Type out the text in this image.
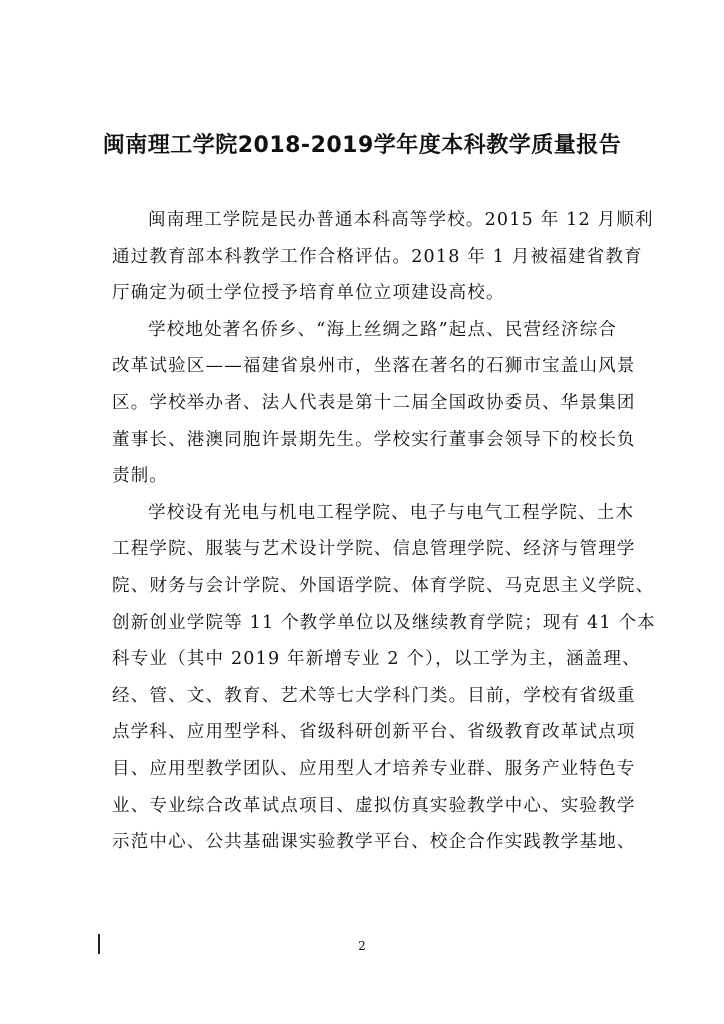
闽南理工学院2018-2019学年度本科教学质量报告

闽南理工学院是民办普通本科高等学校。2015 年 12 月顺利
通过教育部本科教学工作合格评估。2018 年 1 月被福建省教育
厅确定为硕士学位授予培育单位立项建设高校。

学校地处著名侨乡、“海上丝绸之路”起点、民营经济综合
改革试验区——福建省泉州市，坐落在著名的石狮市宝盖山风景
区。学校举办者、法人代表是第十二届全国政协委员、华景集团
董事长、港澳同胞许景期先生。学校实行董事会领导下的校长负
责制。

学校设有光电与机电工程学院、电子与电气工程学院、土木
工程学院、服装与艺术设计学院、信息管理学院、经济与管理学
院、财务与会计学院、外国语学院、体育学院、马克思主义学院、
创新创业学院等 11 个教学单位以及继续教育学院；现有 41 个本
科专业（其中 2019 年新增专业 2 个），以工学为主，涵盖理、
经、管、文、教育、艺术等七大学科门类。目前，学校有省级重
点学科、应用型学科、省级科研创新平台、省级教育改革试点项
目、应用型教学团队、应用型人才培养专业群、服务产业特色专
业、专业综合改革试点项目、虚拟仿真实验教学中心、实验教学
示范中心、公共基础课实验教学平台、校企合作实践教学基地、

2
